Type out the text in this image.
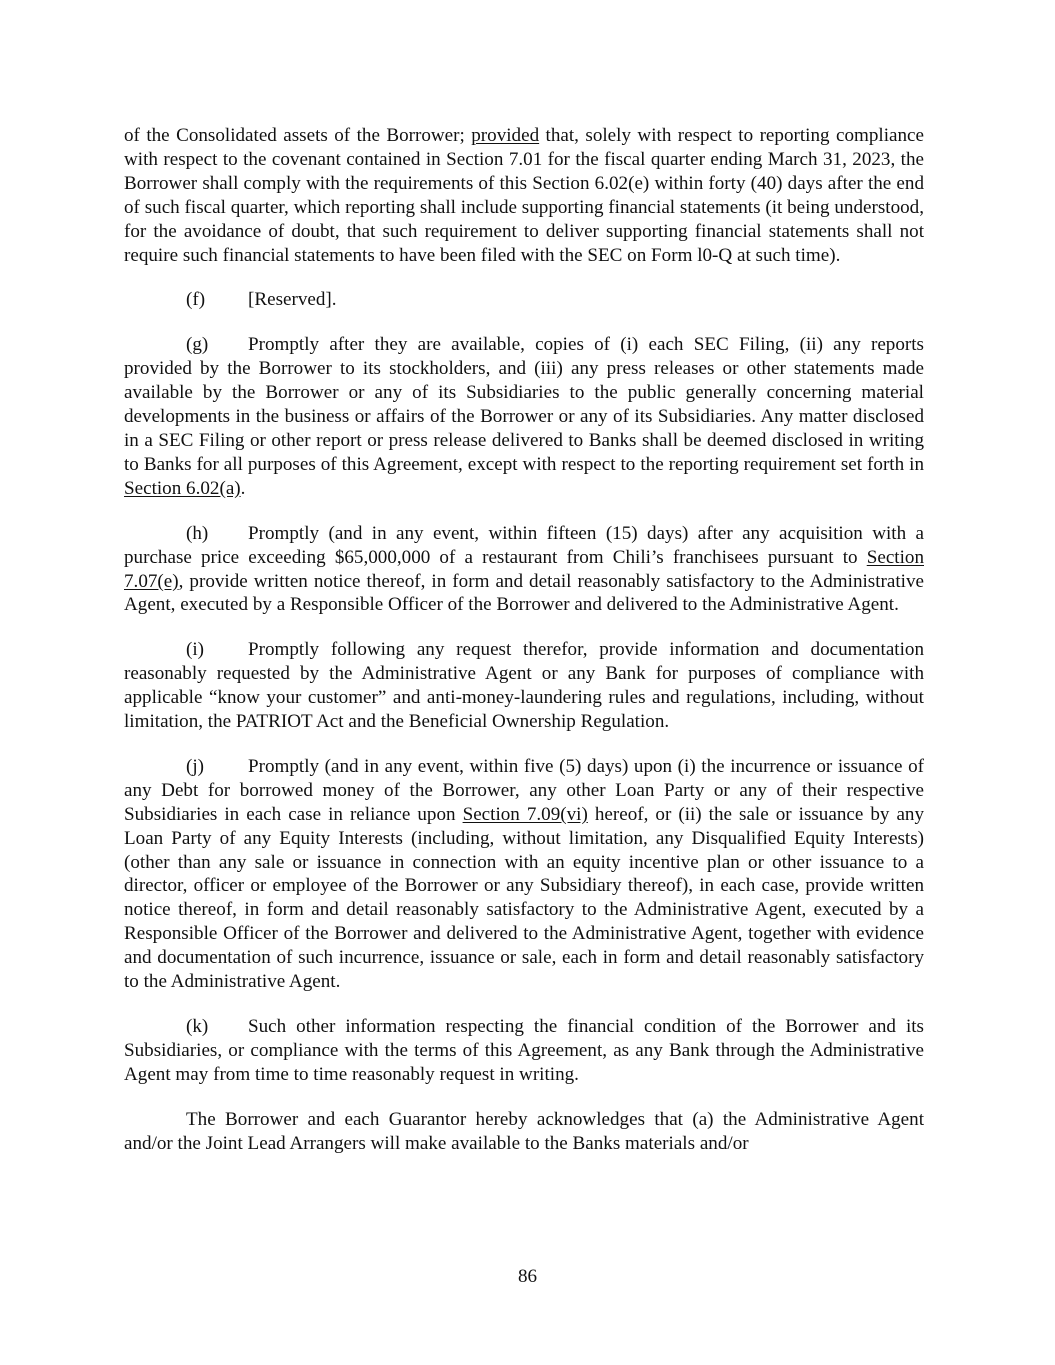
of the Consolidated assets of the Borrower; provided that, solely with respect to reporting compliance with respect to the covenant contained in Section 7.01 for the fiscal quarter ending March 31, 2023, the Borrower shall comply with the requirements of this Section 6.02(e) within forty (40) days after the end of such fiscal quarter, which reporting shall include supporting financial statements (it being understood, for the avoidance of doubt, that such requirement to deliver supporting financial statements shall not require such financial statements to have been filed with the SEC on Form l0-Q at such time).

(f) [Reserved].

(g) Promptly after they are available, copies of (i) each SEC Filing, (ii) any reports provided by the Borrower to its stockholders, and (iii) any press releases or other statements made available by the Borrower or any of its Subsidiaries to the public generally concerning material developments in the business or affairs of the Borrower or any of its Subsidiaries. Any matter disclosed in a SEC Filing or other report or press release delivered to Banks shall be deemed disclosed in writing to Banks for all purposes of this Agreement, except with respect to the reporting requirement set forth in Section 6.02(a).

(h) Promptly (and in any event, within fifteen (15) days) after any acquisition with a purchase price exceeding $65,000,000 of a restaurant from Chili’s franchisees pursuant to Section 7.07(e), provide written notice thereof, in form and detail reasonably satisfactory to the Administrative Agent, executed by a Responsible Officer of the Borrower and delivered to the Administrative Agent.

(i) Promptly following any request therefor, provide information and documentation reasonably requested by the Administrative Agent or any Bank for purposes of compliance with applicable “know your customer” and anti-money-laundering rules and regulations, including, without limitation, the PATRIOT Act and the Beneficial Ownership Regulation.

(j) Promptly (and in any event, within five (5) days) upon (i) the incurrence or issuance of any Debt for borrowed money of the Borrower, any other Loan Party or any of their respective Subsidiaries in each case in reliance upon Section 7.09(vi) hereof, or (ii) the sale or issuance by any Loan Party of any Equity Interests (including, without limitation, any Disqualified Equity Interests) (other than any sale or issuance in connection with an equity incentive plan or other issuance to a director, officer or employee of the Borrower or any Subsidiary thereof), in each case, provide written notice thereof, in form and detail reasonably satisfactory to the Administrative Agent, executed by a Responsible Officer of the Borrower and delivered to the Administrative Agent, together with evidence and documentation of such incurrence, issuance or sale, each in form and detail reasonably satisfactory to the Administrative Agent.

(k) Such other information respecting the financial condition of the Borrower and its Subsidiaries, or compliance with the terms of this Agreement, as any Bank through the Administrative Agent may from time to time reasonably request in writing.

The Borrower and each Guarantor hereby acknowledges that (a) the Administrative Agent and/or the Joint Lead Arrangers will make available to the Banks materials and/or

86
